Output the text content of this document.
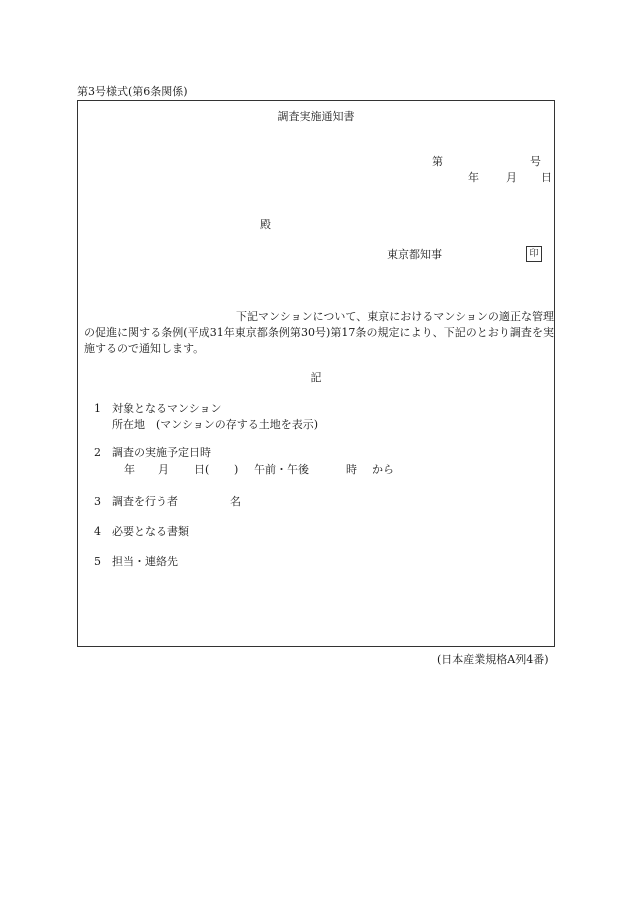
第3号様式(第6条関係)
調査実施通知書
第	号
年 月 日
殿
東京都知事	印
下記マンションについて、東京におけるマンションの適正な管理の促進に関する条例(平成31年東京都条例第30号)第17条の規定により、下記のとおり調査を実施するので通知します。
記
1 対象となるマンション
所在地　(マンションの存する土地を表示)
2 調査の実施予定日時
年 月 日( ) 午前・午後	時 から
3 調査を行う者	名
4 必要となる書類
5 担当・連絡先
(日本産業規格A列4番)
